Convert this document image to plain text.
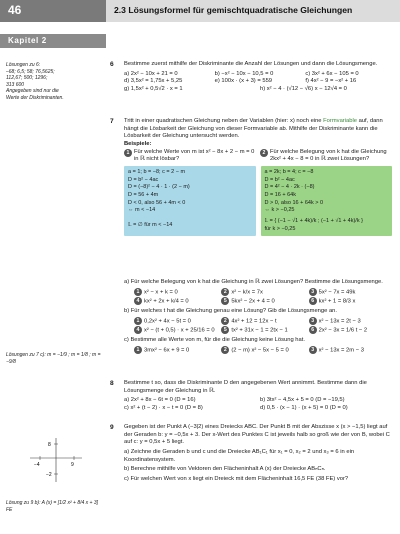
46	2.3 Lösungsformel für gemischtquadratische Gleichungen
Kapitel 2
Lösungen zu 6:
–68; 6,5; 58; 76,5625;
112,67; 500; 1296;
313 600
Angegeben sind nur die
Werte der Diskriminanten.
Lösungen zu 7 c): m = −1/9 ; m = 1/8 ; m = −9/8
8
−4	9
−2
Lösung zu 9 b): A (x) = [1/2 x² + 8/4 x + 3] FE
6	Bestimme zuerst mithilfe der Diskriminante die Anzahl der Lösungen und dann die Lösungsmenge.
a) 2x² − 10x + 21 = 0	b) −x² − 10x − 10,5 = 0	c) 3x² + 6x − 105 = 0
d) 3,5x² = 1,75x + 5,25	e) 100x · (x + 3) = 559	f) 4x² − 9 = −x² + 16
g) 1,5x² + 0,5√2 · x = 1	h) x² − 4 · (√12 − √6) x − 12√4 = 0
7	Tritt in einer quadratischen Gleichung neben der Variablen (hier: x) noch eine Formvariable auf, dann hängt die Lösbarkeit der Gleichung von dieser Formvariable ab. Mithilfe der Diskriminante kann die Lösbarkeit der Gleichung untersucht werden.
Beispiele:
1 Für welche Werte von m ist x² − 8x + 2 − m = 0 in ℝ nicht lösbar?
2 Für welche Belegung von k hat die Gleichung 2kx² + 4x − 8 = 0 in ℝ zwei Lösungen?
a = 1; b = −8; c = 2 − m
D = b² − 4ac
D = (−8)² − 4 · 1 · (2 − m)
D = 56 + 4m
D < 0, also 56 + 4m < 0
⇔ m < −14
𝕃 = ∅ für m < −14
a = 2k; b = 4; c = −8
D = b² − 4ac
D = 4² − 4 · 2k · (−8)
D = 16 + 64k
D > 0, also 16 + 64k > 0
⇔ k > −0,25
𝕃 = { (−1 − √1 + 4k)/k ; (−1 + √1 + 4k)/k }
für k > −0,25
a) Für welche Belegung von k hat die Gleichung in ℝ zwei Lösungen? Bestimme die Lösungsmenge.
1 x² − x + k = 0	2 x² − k/x = 7x	3 5x² − 7x = 49k
4 kx² + 2x + k/4 = 0	5 5kx² − 2x + 4 = 0	6 kx² + 1 = 8/3 x
b) Für welches t hat die Gleichung genau eine Lösung? Gib die Lösungsmenge an.
1 0,2x² + 4x − 5t = 0	2 4x² + 12 = 12x − t	3 x² − 13x = 2t − 3
4 x² − (t + 0,5) · x + 25/16 = 0	5 tx² + 31x − 1 = 2tx − 1	6 2x² − 3x = 1/6 t − 2
c) Bestimme alle Werte von m, für die die Gleichung keine Lösung hat.
1 3mx² − 6x + 9 = 0	2 (2 − m) x² − 5x − 5 = 0	3 x² − 13x = 2m − 3
8	Bestimme t so, dass die Diskriminante D den angegebenen Wert annimmt. Bestimme dann die Lösungsmenge der Gleichung in ℝ.
a) 2x² + 8x − 6t = 0 (D = 16)	b) 3tx² − 4,5x + 5 = 0 (D = −19,5)
c) x² + (t − 2) · x − t = 0 (D = 8)	d) 0,5 · (x − 1) · (x + 5) = 0 (D = 0)
9	Gegeben ist der Punkt A (−3|2) eines Dreiecks ABC. Der Punkt B mit der Abszisse x (x > −1,5) liegt auf der Geraden b: y = −0,5x + 3. Der x-Wert des Punktes C ist jeweils halb so groß wie der von B, wobei C auf c: y = 0,5x + 5 liegt.
a) Zeichne die Geraden b und c und die Dreiecke AB₁C₁ für x₁ = 0, x₂ = 2 und x₃ = 6 in ein Koordinatensystem.
b) Berechne mithilfe von Vektoren den Flächeninhalt A (x) der Dreiecke ABₙCₙ.
c) Für welchen Wert von x liegt ein Dreieck mit dem Flächeninhalt 16,5 FE (38 FE) vor?
